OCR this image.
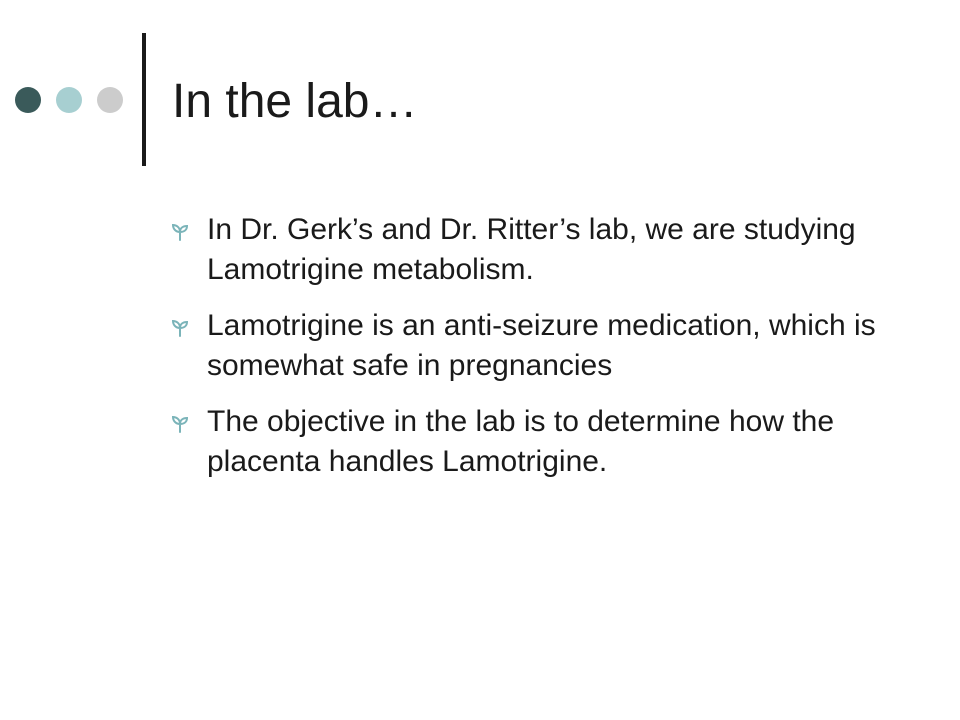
In the lab…
In Dr. Gerk’s and Dr. Ritter’s lab, we are studying Lamotrigine metabolism.
Lamotrigine is an anti-seizure medication, which is somewhat safe in pregnancies
The objective in the lab is to determine how the placenta handles Lamotrigine.
